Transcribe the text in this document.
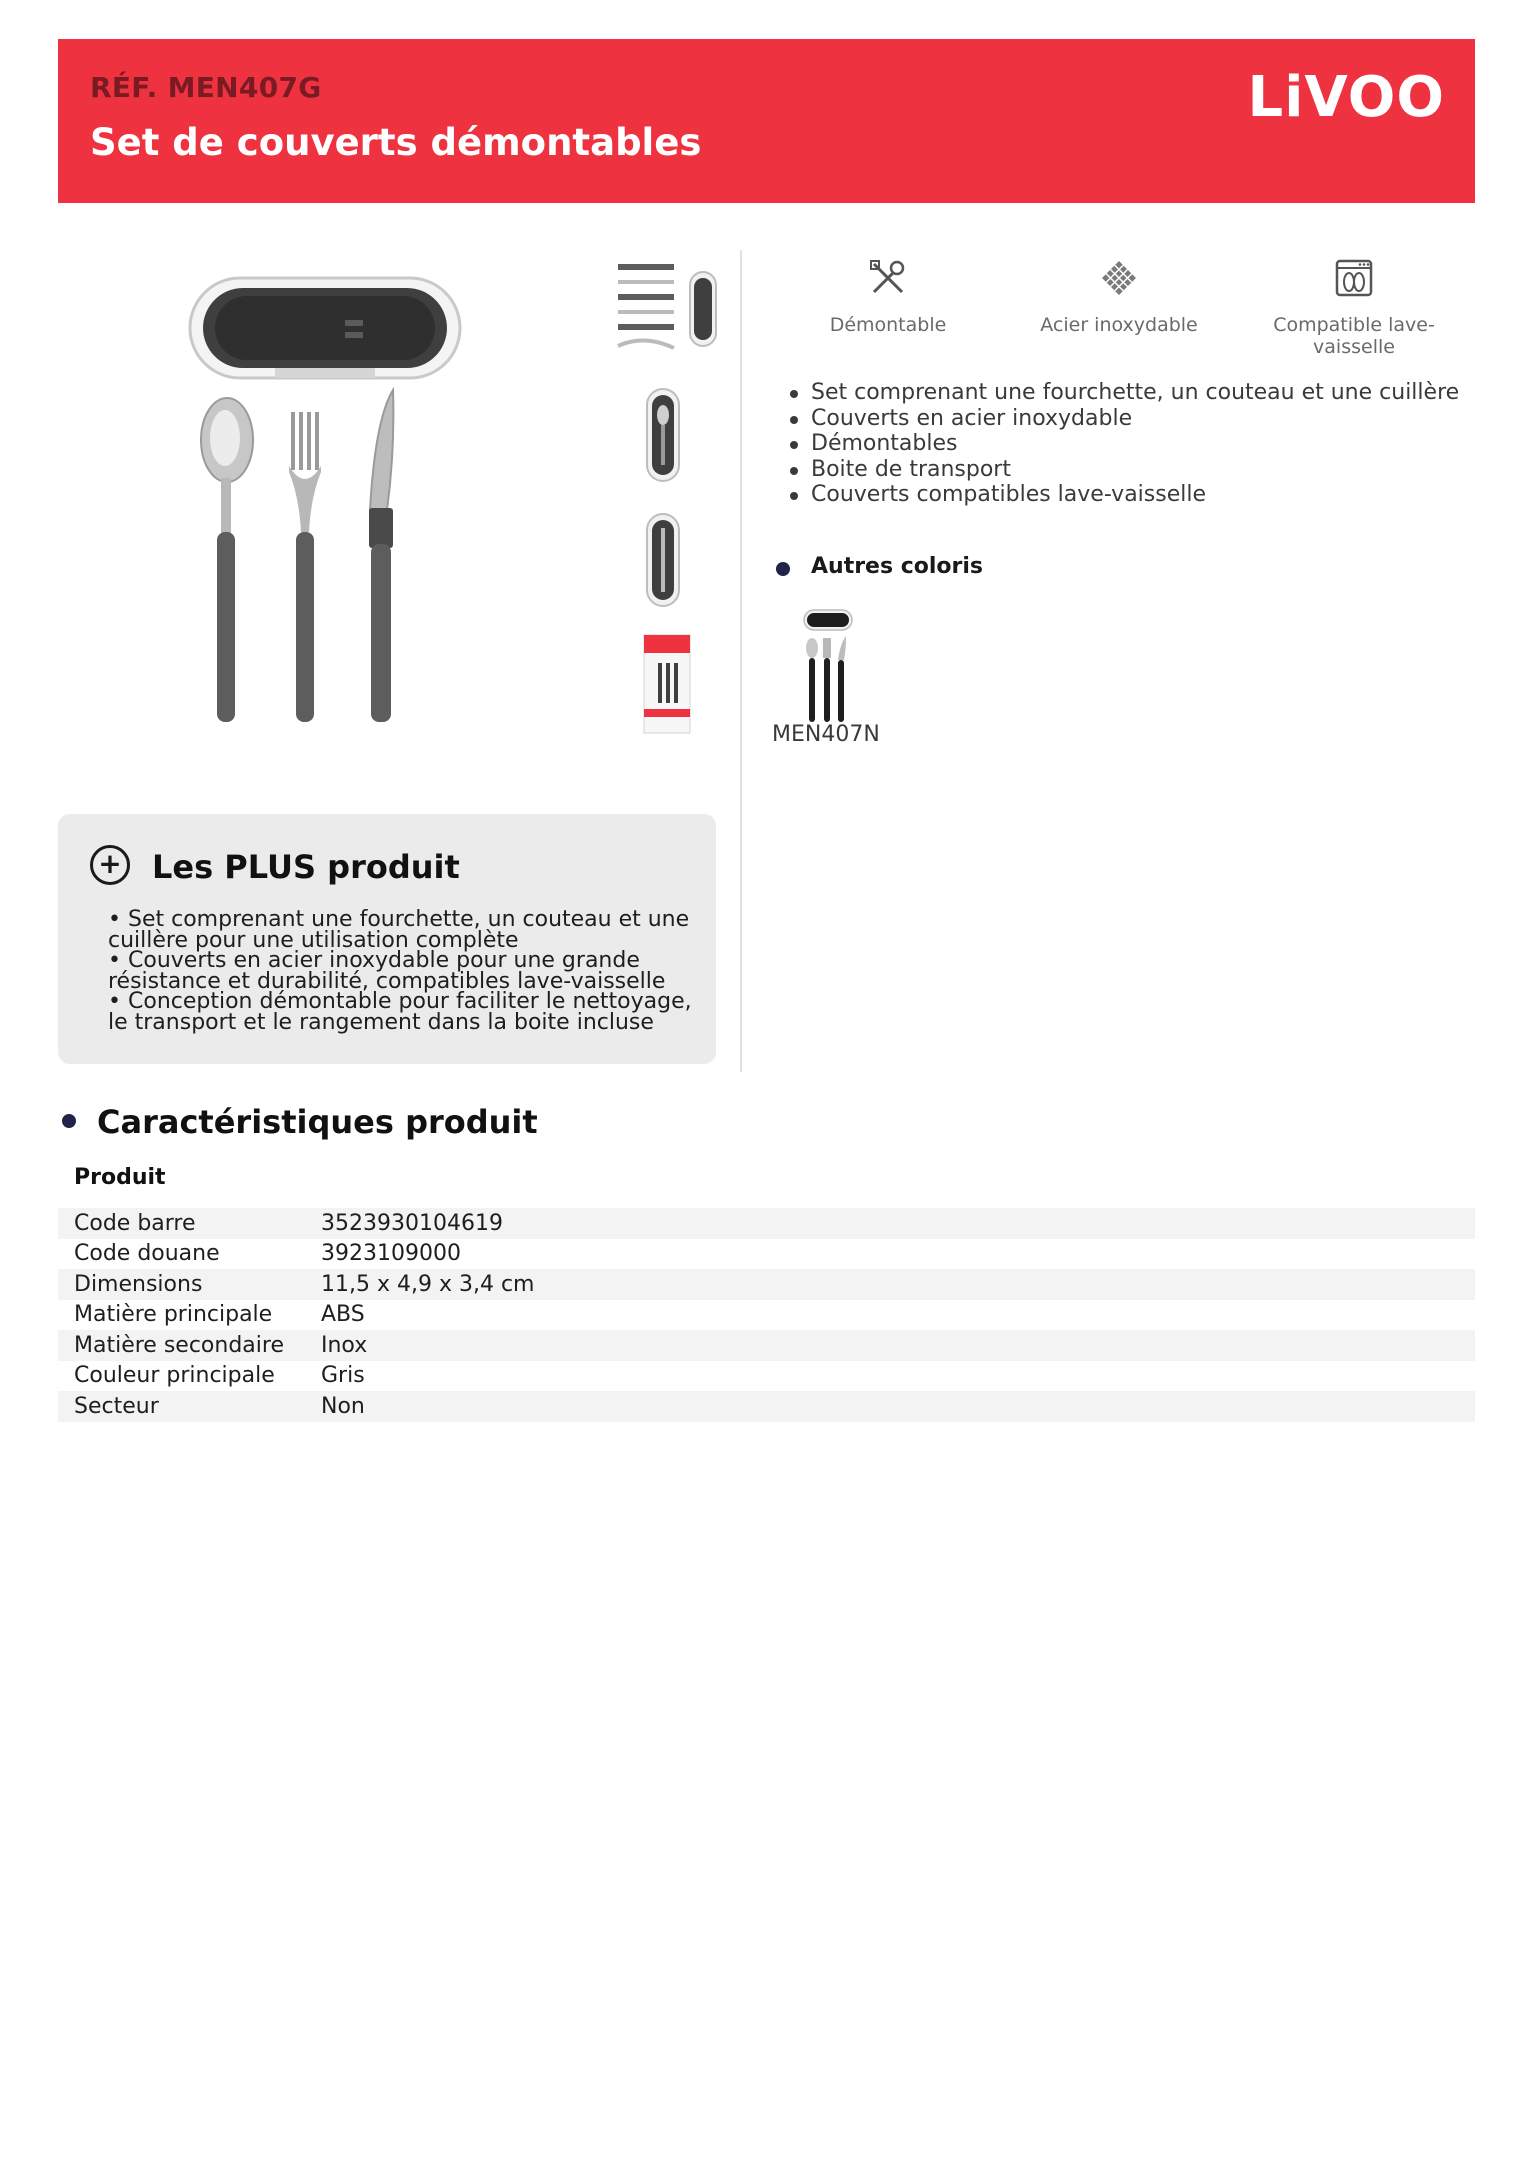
RÉF. MEN407G
Set de couverts démontables
LiVOO
Démontable	Acier inoxydable	Compatible lave-vaisselle
Set comprenant une fourchette, un couteau et une cuillère
Couverts en acier inoxydable
Démontables
Boite de transport
Couverts compatibles lave-vaisselle
Autres coloris
MEN407N
+ Les PLUS produit
• Set comprenant une fourchette, un couteau et une cuillère pour une utilisation complète
• Couverts en acier inoxydable pour une grande résistance et durabilité, compatibles lave-vaisselle
• Conception démontable pour faciliter le nettoyage, le transport et le rangement dans la boite incluse
Caractéristiques produit
Produit
Code barre	3523930104619
Code douane	3923109000
Dimensions	11,5 x 4,9 x 3,4 cm
Matière principale	ABS
Matière secondaire	Inox
Couleur principale	Gris
Secteur	Non
